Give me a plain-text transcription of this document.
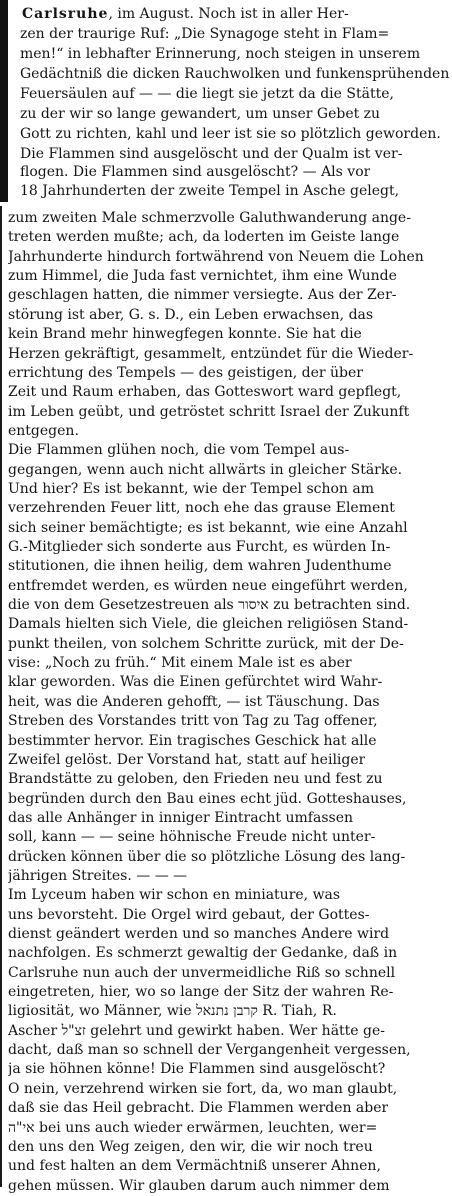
Carlsruhe, im August. Noch ist in aller Her-
zen der traurige Ruf: „Die Synagoge steht in Flam=
men!“ in lebhafter Erinnerung, noch steigen in unserem
Gedächtniß die dicken Rauchwolken und funkensprühenden
Feuersäulen auf — — die liegt sie jetzt da die Stätte,
zu der wir so lange gewandert, um unser Gebet zu
Gott zu richten, kahl und leer ist sie so plötzlich geworden.
Die Flammen sind ausgelöscht und der Qualm ist ver-
flogen. Die Flammen sind ausgelöscht? — Als vor
18 Jahrhunderten der zweite Tempel in Asche gelegt,
zum zweiten Male schmerzvolle Galuthwanderung ange-
treten werden mußte; ach, da loderten im Geiste lange
Jahrhunderte hindurch fortwährend von Neuem die Lohen
zum Himmel, die Juda fast vernichtet, ihm eine Wunde
geschlagen hatten, die nimmer versiegte. Aus der Zer-
störung ist aber, G. s. D., ein Leben erwachsen, das
kein Brand mehr hinwegfegen konnte. Sie hat die
Herzen gekräftigt, gesammelt, entzündet für die Wieder-
errichtung des Tempels — des geistigen, der über
Zeit und Raum erhaben, das Gotteswort ward gepflegt,
im Leben geübt, und getröstet schritt Israel der Zukunft
entgegen.
Die Flammen glühen noch, die vom Tempel aus-
gegangen, wenn auch nicht allwärts in gleicher Stärke.
Und hier? Es ist bekannt, wie der Tempel schon am
verzehrenden Feuer litt, noch ehe das grause Element
sich seiner bemächtigte; es ist bekannt, wie eine Anzahl
G.-Mitglieder sich sonderte aus Furcht, es würden In-
stitutionen, die ihnen heilig, dem wahren Judenthume
entfremdet werden, es würden neue eingeführt werden,
die von dem Gesetzestreuen als איסור zu betrachten sind.
Damals hielten sich Viele, die gleichen religiösen Stand-
punkt theilen, von solchem Schritte zurück, mit der De-
vise: „Noch zu früh.“ Mit einem Male ist es aber
klar geworden. Was die Einen gefürchtet wird Wahr-
heit, was die Anderen gehofft, — ist Täuschung. Das
Streben des Vorstandes tritt von Tag zu Tag offener,
bestimmter hervor. Ein tragisches Geschick hat alle
Zweifel gelöst. Der Vorstand hat, statt auf heiliger
Brandstätte zu geloben, den Frieden neu und fest zu
begründen durch den Bau eines echt jüd. Gotteshauses,
das alle Anhänger in inniger Eintracht umfassen
soll, kann — — seine höhnische Freude nicht unter-
drücken können über die so plötzliche Lösung des lang-
jährigen Streites. — — —
Im Lyceum haben wir schon en miniature, was
uns bevorsteht. Die Orgel wird gebaut, der Gottes-
dienst geändert werden und so manches Andere wird
nachfolgen. Es schmerzt gewaltig der Gedanke, daß in
Carlsruhe nun auch der unvermeidliche Riß so schnell
eingetreten, hier, wo so lange der Sitz der wahren Re-
ligiosität, wo Männer, wie קרבן נתנאל R. Tiah, R.
Ascher זצ"ל gelehrt und gewirkt haben. Wer hätte ge-
dacht, daß man so schnell der Vergangenheit vergessen,
ja sie höhnen könne! Die Flammen sind ausgelöscht?
O nein, verzehrend wirken sie fort, da, wo man glaubt,
daß sie das Heil gebracht. Die Flammen werden aber
אי"ה bei uns auch wieder erwärmen, leuchten, wer=
den uns den Weg zeigen, den wir, die wir noch treu
und fest halten an dem Vermächtniß unserer Ahnen,
gehen müssen. Wir glauben darum auch nimmer dem
